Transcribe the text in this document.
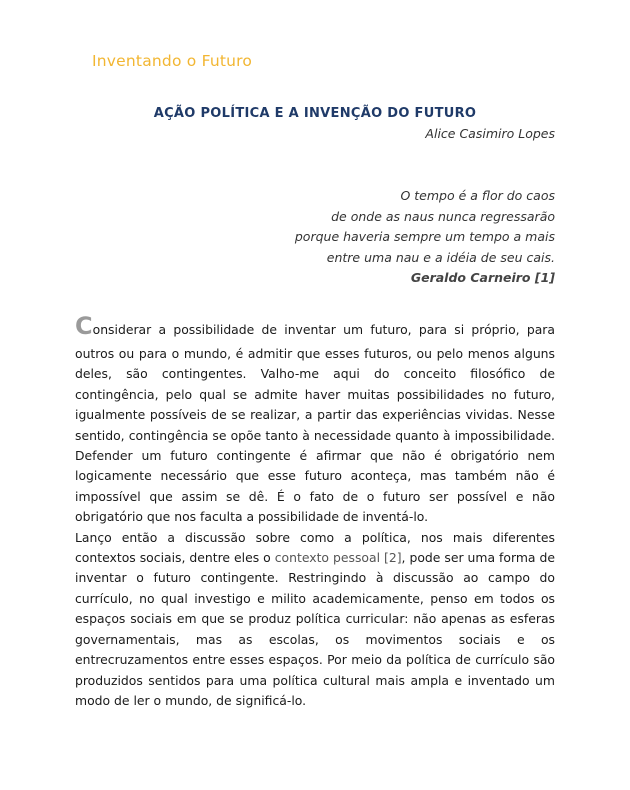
Inventando o Futuro
AÇÃO POLÍTICA E A INVENÇÃO DO FUTURO
Alice Casimiro Lopes
O tempo é a flor do caos
de onde as naus nunca regressarão
porque haveria sempre um tempo a mais
entre uma nau e a idéia de seu cais.
Geraldo Carneiro [1]

Considerar a possibilidade de inventar um futuro, para si próprio, para
outros ou para o mundo, é admitir que esses futuros, ou pelo menos alguns deles, são contingentes. Valho-me aqui do conceito filosófico de contingência, pelo qual se admite haver muitas possibilidades no futuro, igualmente possíveis de se realizar, a partir das experiências vividas. Nesse sentido, contingência se opõe tanto à necessidade quanto à impossibilidade. Defender um futuro contingente é afirmar que não é obrigatório nem logicamente necessário que esse futuro aconteça, mas também não é impossível que assim se dê. É o fato de o futuro ser possível e não obrigatório que nos faculta a possibilidade de inventá-lo.

Lanço então a discussão sobre como a política, nos mais diferentes contextos sociais, dentre eles o contexto pessoal [2], pode ser uma forma de inventar o futuro contingente. Restringindo à discussão ao campo do currículo, no qual investigo e milito academicamente, penso em todos os espaços sociais em que se produz política curricular: não apenas as esferas governamentais, mas as escolas, os movimentos sociais e os entrecruzamentos entre esses espaços. Por meio da política de currículo são produzidos sentidos para uma política cultural mais ampla e inventado um modo de ler o mundo, de significá-lo.
